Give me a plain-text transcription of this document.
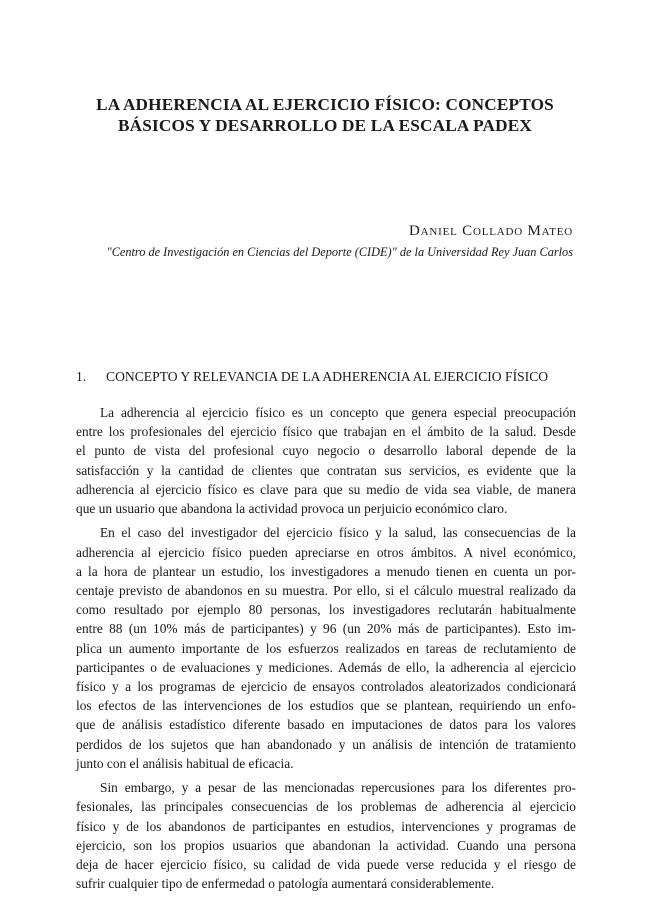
LA ADHERENCIA AL EJERCICIO FÍSICO: CONCEPTOS
BÁSICOS Y DESARROLLO DE LA ESCALA PADEX
Daniel Collado Mateo
"Centro de Investigación en Ciencias del Deporte (CIDE)" de la Universidad Rey Juan Carlos
1. CONCEPTO Y RELEVANCIA DE LA ADHERENCIA AL EJERCICIO FÍSICO
La adherencia al ejercicio físico es un concepto que genera especial preocupación
entre los profesionales del ejercicio físico que trabajan en el ámbito de la salud. Desde
el punto de vista del profesional cuyo negocio o desarrollo laboral depende de la
satisfacción y la cantidad de clientes que contratan sus servicios, es evidente que la
adherencia al ejercicio físico es clave para que su medio de vida sea viable, de manera
que un usuario que abandona la actividad provoca un perjuicio económico claro.
En el caso del investigador del ejercicio físico y la salud, las consecuencias de la
adherencia al ejercicio físico pueden apreciarse en otros ámbitos. A nivel económico,
a la hora de plantear un estudio, los investigadores a menudo tienen en cuenta un por-
centaje previsto de abandonos en su muestra. Por ello, si el cálculo muestral realizado da
como resultado por ejemplo 80 personas, los investigadores reclutarán habitualmente
entre 88 (un 10% más de participantes) y 96 (un 20% más de participantes). Esto im-
plica un aumento importante de los esfuerzos realizados en tareas de reclutamiento de
participantes o de evaluaciones y mediciones. Además de ello, la adherencia al ejercicio
físico y a los programas de ejercicio de ensayos controlados aleatorizados condicionará
los efectos de las intervenciones de los estudios que se plantean, requiriendo un enfo-
que de análisis estadístico diferente basado en imputaciones de datos para los valores
perdidos de los sujetos que han abandonado y un análisis de intención de tratamiento
junto con el análisis habitual de eficacia.
Sin embargo, y a pesar de las mencionadas repercusiones para los diferentes pro-
fesionales, las principales consecuencias de los problemas de adherencia al ejercicio
físico y de los abandonos de participantes en estudios, intervenciones y programas de
ejercicio, son los propios usuarios que abandonan la actividad. Cuando una persona
deja de hacer ejercicio físico, su calidad de vida puede verse reducida y el riesgo de
sufrir cualquier tipo de enfermedad o patología aumentará considerablemente.
